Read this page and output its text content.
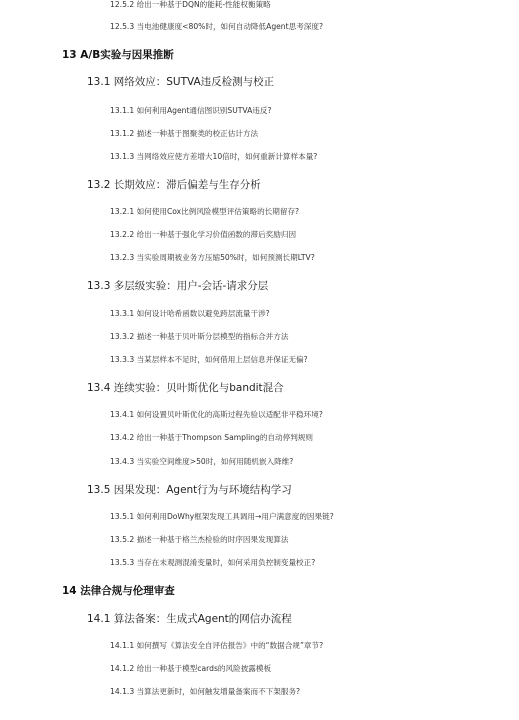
12.5.2 给出一种基于DQN的能耗-性能权衡策略
12.5.3 当电池健康度<80%时，如何自动降低Agent思考深度?
13 A/B实验与因果推断
13.1 网络效应：SUTVA违反检测与校正
13.1.1 如何利用Agent通信图识别SUTVA违反?
13.1.2 描述一种基于图聚类的校正估计方法
13.1.3 当网络效应使方差增大10倍时，如何重新计算样本量?
13.2 长期效应：滞后偏差与生存分析
13.2.1 如何使用Cox比例风险模型评估策略的长期留存?
13.2.2 给出一种基于强化学习价值函数的滞后奖励归因
13.2.3 当实验周期被业务方压缩50%时，如何预测长期LTV?
13.3 多层级实验：用户-会话-请求分层
13.3.1 如何设计哈希函数以避免跨层流量干涉?
13.3.2 描述一种基于贝叶斯分层模型的指标合并方法
13.3.3 当某层样本不足时，如何借用上层信息并保证无偏?
13.4 连续实验：贝叶斯优化与bandit混合
13.4.1 如何设置贝叶斯优化的高斯过程先验以适配非平稳环境?
13.4.2 给出一种基于Thompson Sampling的自动停判规则
13.4.3 当实验空间维度>50时，如何用随机嵌入降维?
13.5 因果发现：Agent行为与环境结构学习
13.5.1 如何利用DoWhy框架发现工具调用→用户满意度的因果链?
13.5.2 描述一种基于格兰杰检验的时序因果发现算法
13.5.3 当存在未观测混淆变量时，如何采用负控制变量校正?
14 法律合规与伦理审查
14.1 算法备案：生成式Agent的网信办流程
14.1.1 如何撰写《算法安全自评估报告》中的“数据合规”章节?
14.1.2 给出一种基于模型cards的风险披露模板
14.1.3 当算法更新时，如何触发增量备案而不下架服务?
